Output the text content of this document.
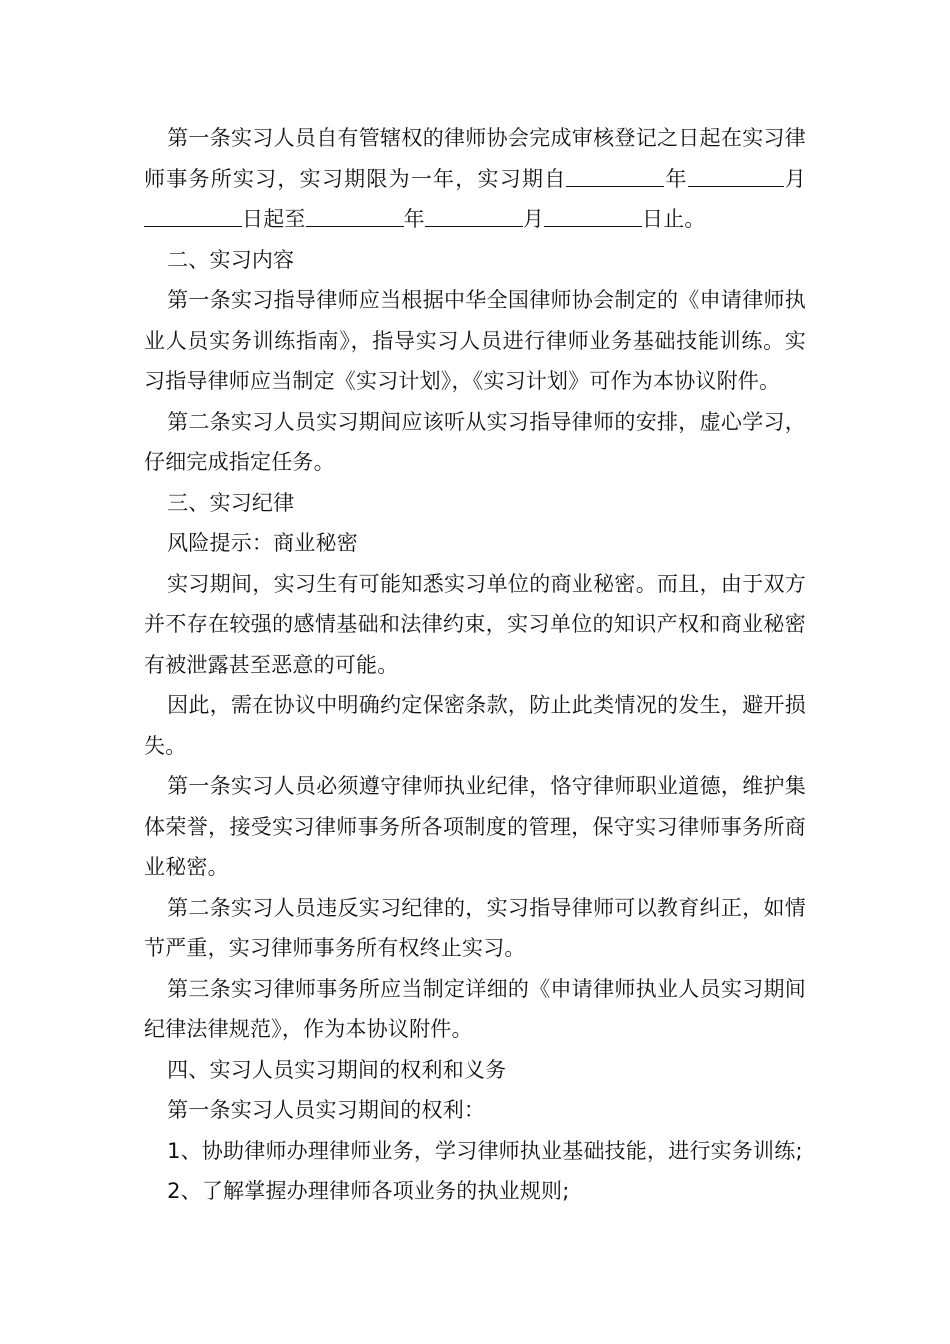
第一条实习人员自有管辖权的律师协会完成审核登记之日起在实习律师事务所实习，实习期限为一年，实习期自	年	月日起至	年	月	日止。

二、实习内容

第一条实习指导律师应当根据中华全国律师协会制定的《申请律师执业人员实务训练指南》，指导实习人员进行律师业务基础技能训练。实习指导律师应当制定《实习计划》，《实习计划》可作为本协议附件。

第二条实习人员实习期间应该听从实习指导律师的安排，虚心学习，仔细完成指定任务。

三、实习纪律

风险提示：商业秘密

实习期间，实习生有可能知悉实习单位的商业秘密。而且，由于双方并不存在较强的感情基础和法律约束，实习单位的知识产权和商业秘密有被泄露甚至恶意的可能。

因此，需在协议中明确约定保密条款，防止此类情况的发生，避开损失。

第一条实习人员必须遵守律师执业纪律，恪守律师职业道德，维护集体荣誉，接受实习律师事务所各项制度的管理，保守实习律师事务所商业秘密。

第二条实习人员违反实习纪律的，实习指导律师可以教育纠正，如情节严重，实习律师事务所有权终止实习。

第三条实习律师事务所应当制定详细的《申请律师执业人员实习期间纪律法律规范》，作为本协议附件。

四、实习人员实习期间的权利和义务

第一条实习人员实习期间的权利：

1、协助律师办理律师业务，学习律师执业基础技能，进行实务训练;

2、了解掌握办理律师各项业务的执业规则;
